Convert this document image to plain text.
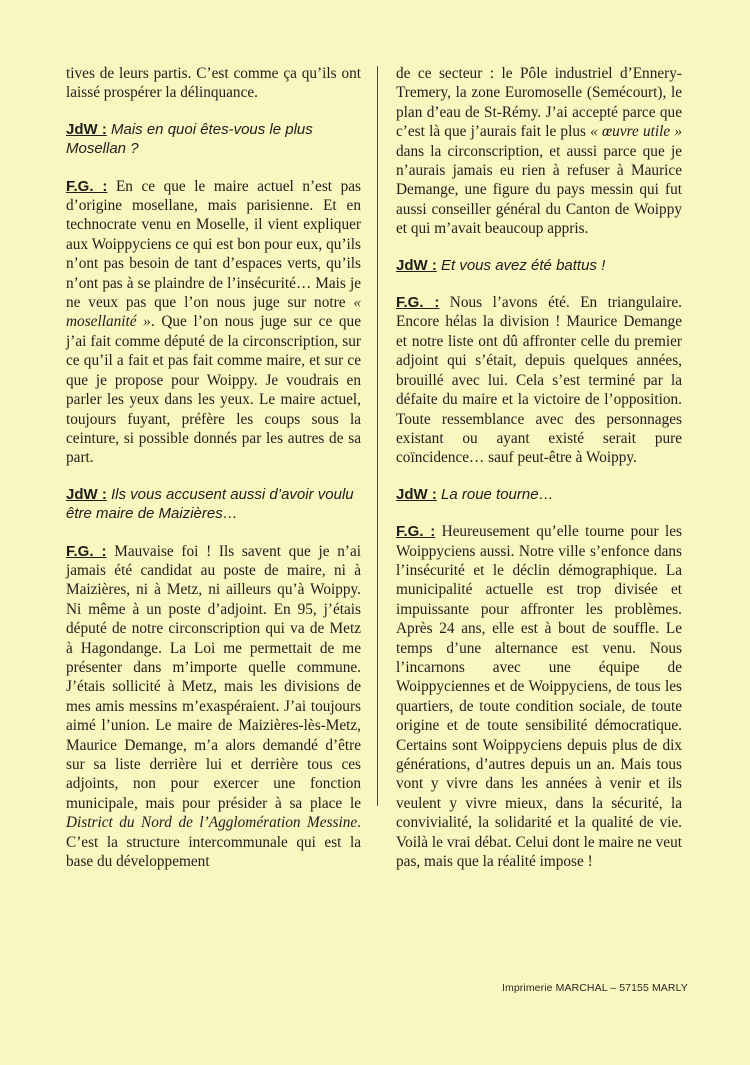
tives de leurs partis. C’est comme ça qu’ils ont laissé prospérer la délinquance.

JdW : Mais en quoi êtes-vous le plus Mosellan ?

F.G. : En ce que le maire actuel n’est pas d’origine mosellane, mais parisienne. Et en technocrate venu en Moselle, il vient expliquer aux Woippyciens ce qui est bon pour eux, qu’ils n’ont pas besoin de tant d’espaces verts, qu’ils n’ont pas à se plaindre de l’insécurité… Mais je ne veux pas que l’on nous juge sur notre « mosellanité ». Que l’on nous juge sur ce que j’ai fait comme député de la circonscription, sur ce qu’il a fait et pas fait comme maire, et sur ce que je propose pour Woippy. Je voudrais en parler les yeux dans les yeux. Le maire actuel, toujours fuyant, préfère les coups sous la ceinture, si possible donnés par les autres de sa part.

JdW : Ils vous accusent aussi d’avoir voulu être maire de Maizières…

F.G. : Mauvaise foi ! Ils savent que je n’ai jamais été candidat au poste de maire, ni à Maizières, ni à Metz, ni ailleurs qu’à Woippy. Ni même à un poste d’adjoint. En 95, j’étais député de notre circonscription qui va de Metz à Hagondange. La Loi me permettait de me présenter dans m’importe quelle commune. J’étais sollicité à Metz, mais les divisions de mes amis messins m’exaspéraient. J’ai toujours aimé l’union. Le maire de Maizières-lès-Metz, Maurice Demange, m’a alors demandé d’être sur sa liste derrière lui et derrière tous ces adjoints, non pour exercer une fonction municipale, mais pour présider à sa place le District du Nord de l’Agglomération Messine. C’est la structure intercommunale qui est la base du développement

de ce secteur : le Pôle industriel d’Ennery-Tremery, la zone Euromoselle (Semécourt), le plan d’eau de St-Rémy. J’ai accepté parce que c’est là que j’aurais fait le plus « œuvre utile » dans la circonscription, et aussi parce que je n’aurais jamais eu rien à refuser à Maurice Demange, une figure du pays messin qui fut aussi conseiller général du Canton de Woippy et qui m’avait beaucoup appris.

JdW : Et vous avez été battus !

F.G. : Nous l’avons été. En triangulaire. Encore hélas la division ! Maurice Demange et notre liste ont dû affronter celle du premier adjoint qui s’était, depuis quelques années, brouillé avec lui. Cela s’est terminé par la défaite du maire et la victoire de l’opposition. Toute ressemblance avec des personnages existant ou ayant existé serait pure coïncidence… sauf peut-être à Woippy.

JdW : La roue tourne…

F.G. : Heureusement qu’elle tourne pour les Woippyciens aussi. Notre ville s’enfonce dans l’insécurité et le déclin démographique. La municipalité actuelle est trop divisée et impuissante pour affronter les problèmes. Après 24 ans, elle est à bout de souffle. Le temps d’une alternance est venu. Nous l’incarnons avec une équipe de Woippyciennes et de Woippyciens, de tous les quartiers, de toute condition sociale, de toute origine et de toute sensibilité démocratique. Certains sont Woippyciens depuis plus de dix générations, d’autres depuis un an. Mais tous vont y vivre dans les années à venir et ils veulent y vivre mieux, dans la sécurité, la convivialité, la solidarité et la qualité de vie. Voilà le vrai débat. Celui dont le maire ne veut pas, mais que la réalité impose !

Imprimerie MARCHAL – 57155 MARLY
